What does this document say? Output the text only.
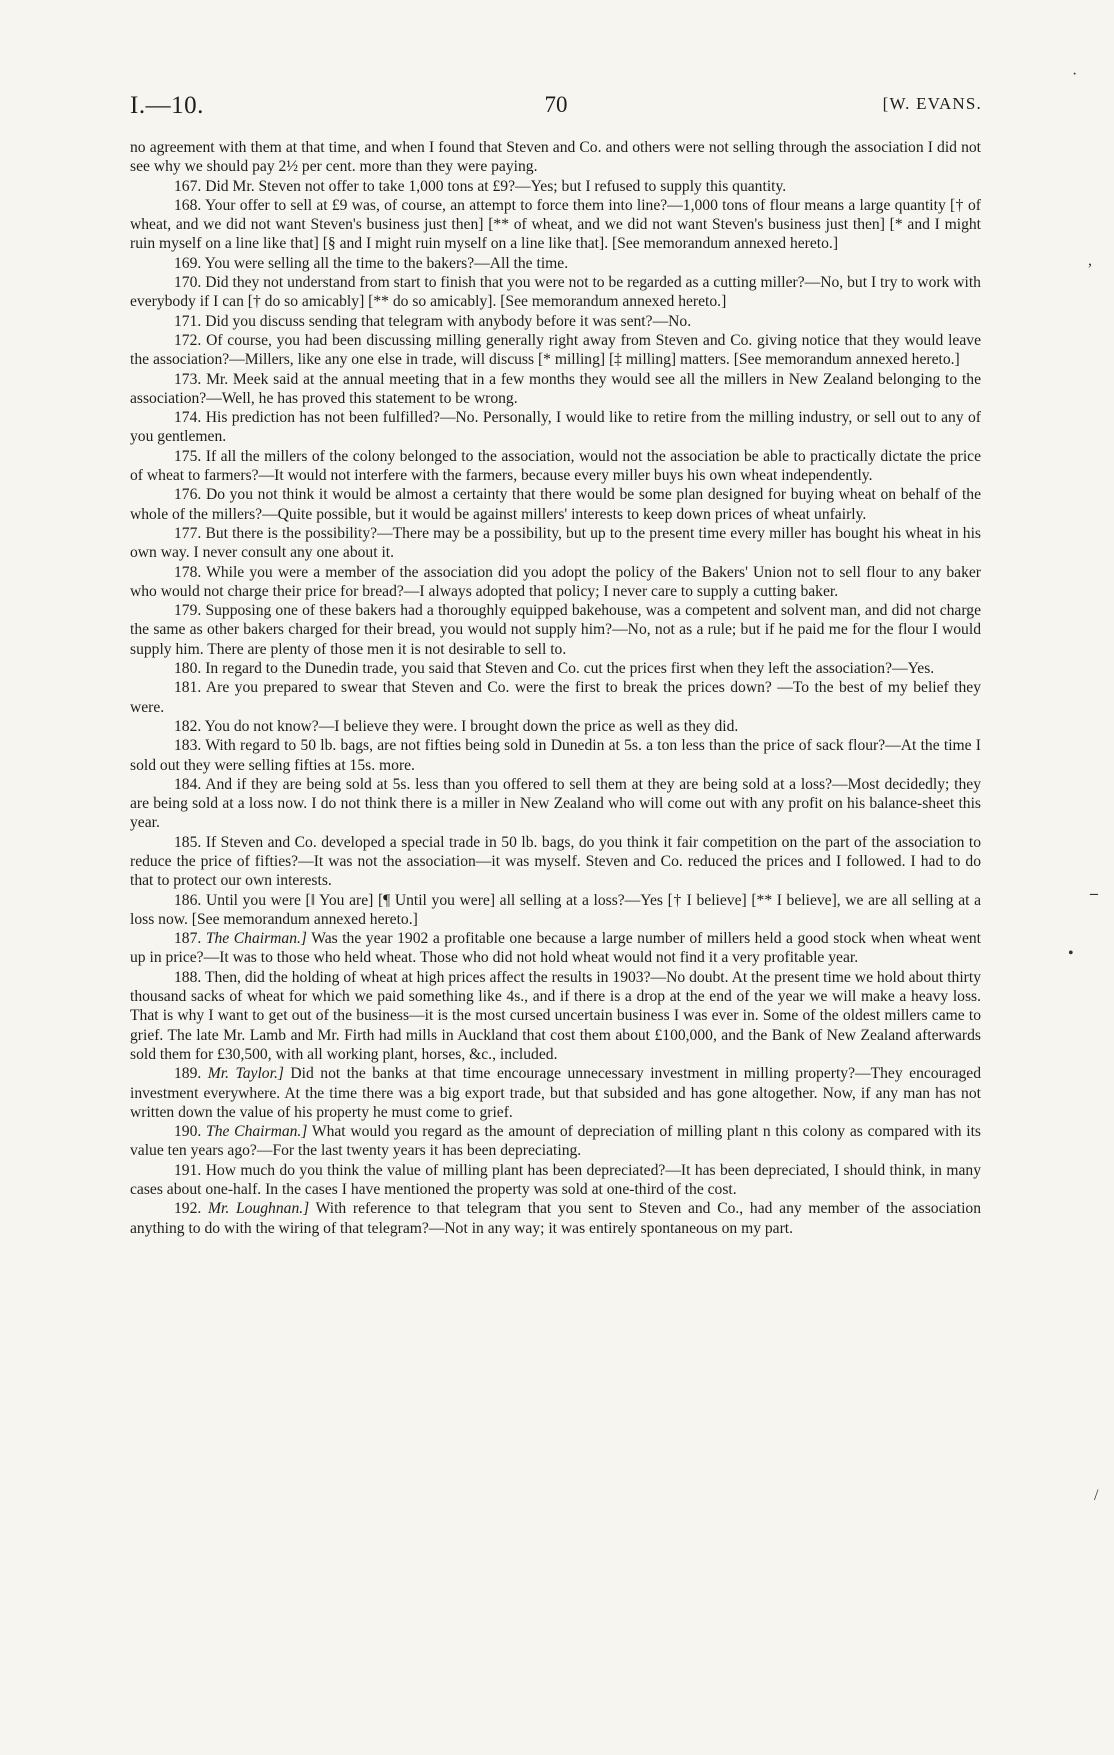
I.—10.	70	[W. EVANS.

no agreement with them at that time, and when I found that Steven and Co. and others were not selling through the association I did not see why we should pay 2½ per cent. more than they were paying.

167. Did Mr. Steven not offer to take 1,000 tons at £9?—Yes; but I refused to supply this quantity.

168. Your offer to sell at £9 was, of course, an attempt to force them into line?—1,000 tons of flour means a large quantity [† of wheat, and we did not want Steven's business just then] [** of wheat, and we did not want Steven's business just then] [* and I might ruin myself on a line like that] [§ and I might ruin myself on a line like that]. [See memorandum annexed hereto.]

169. You were selling all the time to the bakers?—All the time.

170. Did they not understand from start to finish that you were not to be regarded as a cutting miller?—No, but I try to work with everybody if I can [† do so amicably] [** do so amicably]. [See memorandum annexed hereto.]

171. Did you discuss sending that telegram with anybody before it was sent?—No.

172. Of course, you had been discussing milling generally right away from Steven and Co. giving notice that they would leave the association?—Millers, like any one else in trade, will discuss [* milling] [‡ milling] matters. [See memorandum annexed hereto.]

173. Mr. Meek said at the annual meeting that in a few months they would see all the millers in New Zealand belonging to the association?—Well, he has proved this statement to be wrong.

174. His prediction has not been fulfilled?—No. Personally, I would like to retire from the milling industry, or sell out to any of you gentlemen.

175. If all the millers of the colony belonged to the association, would not the association be able to practically dictate the price of wheat to farmers?—It would not interfere with the farmers, because every miller buys his own wheat independently.

176. Do you not think it would be almost a certainty that there would be some plan designed for buying wheat on behalf of the whole of the millers?—Quite possible, but it would be against millers' interests to keep down prices of wheat unfairly.

177. But there is the possibility?—There may be a possibility, but up to the present time every miller has bought his wheat in his own way. I never consult any one about it.

178. While you were a member of the association did you adopt the policy of the Bakers' Union not to sell flour to any baker who would not charge their price for bread?—I always adopted that policy; I never care to supply a cutting baker.

179. Supposing one of these bakers had a thoroughly equipped bakehouse, was a competent and solvent man, and did not charge the same as other bakers charged for their bread, you would not supply him?—No, not as a rule; but if he paid me for the flour I would supply him. There are plenty of those men it is not desirable to sell to.

180. In regard to the Dunedin trade, you said that Steven and Co. cut the prices first when they left the association?—Yes.

181. Are you prepared to swear that Steven and Co. were the first to break the prices down? —To the best of my belief they were.

182. You do not know?—I believe they were. I brought down the price as well as they did.

183. With regard to 50 lb. bags, are not fifties being sold in Dunedin at 5s. a ton less than the price of sack flour?—At the time I sold out they were selling fifties at 15s. more.

184. And if they are being sold at 5s. less than you offered to sell them at they are being sold at a loss?—Most decidedly; they are being sold at a loss now. I do not think there is a miller in New Zealand who will come out with any profit on his balance-sheet this year.

185. If Steven and Co. developed a special trade in 50 lb. bags, do you think it fair competition on the part of the association to reduce the price of fifties?—It was not the association—it was myself. Steven and Co. reduced the prices and I followed. I had to do that to protect our own interests.

186. Until you were [‖ You are] [¶ Until you were] all selling at a loss?—Yes [† I believe] [** I believe], we are all selling at a loss now. [See memorandum annexed hereto.]

187. The Chairman.] Was the year 1902 a profitable one because a large number of millers held a good stock when wheat went up in price?—It was to those who held wheat. Those who did not hold wheat would not find it a very profitable year.

188. Then, did the holding of wheat at high prices affect the results in 1903?—No doubt. At the present time we hold about thirty thousand sacks of wheat for which we paid something like 4s., and if there is a drop at the end of the year we will make a heavy loss. That is why I want to get out of the business—it is the most cursed uncertain business I was ever in. Some of the oldest millers came to grief. The late Mr. Lamb and Mr. Firth had mills in Auckland that cost them about £100,000, and the Bank of New Zealand afterwards sold them for £30,500, with all working plant, horses, &c., included.

189. Mr. Taylor.] Did not the banks at that time encourage unnecessary investment in milling property?—They encouraged investment everywhere. At the time there was a big export trade, but that subsided and has gone altogether. Now, if any man has not written down the value of his property he must come to grief.

190. The Chairman.] What would you regard as the amount of depreciation of milling plant n this colony as compared with its value ten years ago?—For the last twenty years it has been depreciating.

191. How much do you think the value of milling plant has been depreciated?—It has been depreciated, I should think, in many cases about one-half. In the cases I have mentioned the property was sold at one-third of the cost.

192. Mr. Loughnan.] With reference to that telegram that you sent to Steven and Co., had any member of the association anything to do with the wiring of that telegram?—Not in any way; it was entirely spontaneous on my part.

·
,
–
•
/
